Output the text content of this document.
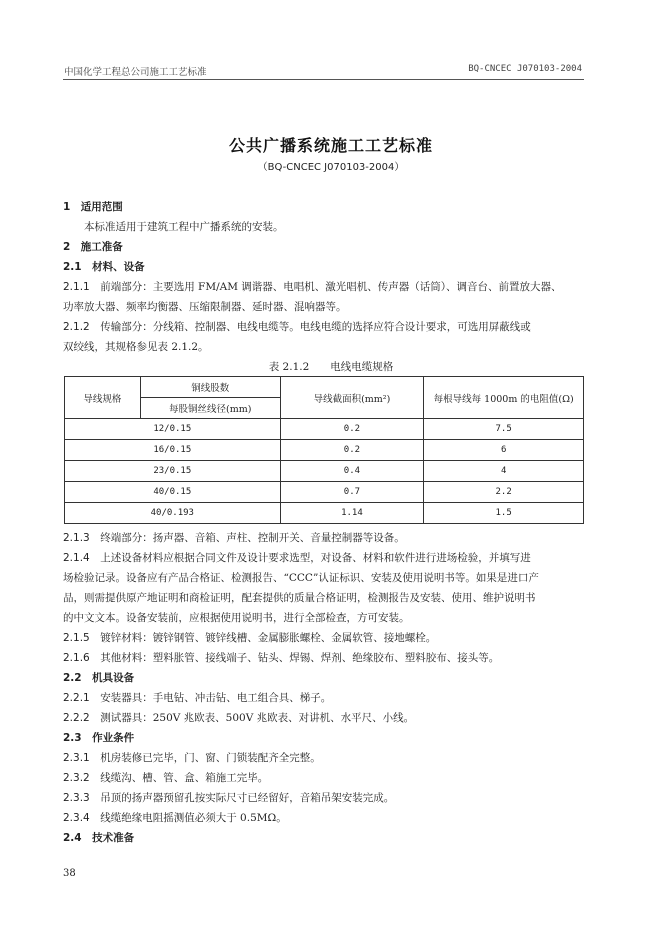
中国化学工程总公司施工工艺标准	BQ-CNCEC J070103-2004
公共广播系统施工工艺标准
（BQ-CNCEC J070103-2004）
1　适用范围
本标准适用于建筑工程中广播系统的安装。
2　施工准备
2.1　材料、设备
2.1.1　 前端部分：主要选用 FM/AM 调谐器、电唱机、激光唱机、传声器（话筒）、调音台、前置放大器、
功率放大器、频率均衡器、压缩限制器、延时器、混响器等。
2.1.2　 传输部分：分线箱、控制器、电线电缆等。电线电缆的选择应符合设计要求，可选用屏蔽线或
双绞线，其规格参见表 2.1.2。
表 2.1.2　　电线电缆规格
导线规格	铜线股数	导线截面积(mm²)	每根导线每 1000m 的电阻值(Ω)
	每股铜丝线径(mm)		
12/0.15		0.2	7.5
16/0.15		0.2	6
23/0.15		0.4	4
40/0.15		0.7	2.2
40/0.193		1.14	1.5
2.1.3　 终端部分：扬声器、音箱、声柱、控制开关、音量控制器等设备。
2.1.4　 上述设备材料应根据合同文件及设计要求选型，对设备、材料和软件进行进场检验，并填写进
场检验记录。设备应有产品合格证、检测报告、“CCC”认证标识、安装及使用说明书等。如果是进口产
品，则需提供原产地证明和商检证明，配套提供的质量合格证明，检测报告及安装、使用、维护说明书
的中文文本。设备安装前，应根据使用说明书，进行全部检查，方可安装。
2.1.5　 镀锌材料：镀锌钢管、镀锌线槽、金属膨胀螺栓、金属软管、接地螺栓。
2.1.6　 其他材料：塑料胀管、接线端子、钻头、焊锡、焊剂、绝缘胶布、塑料胶布、接头等。
2.2　机具设备
2.2.1　 安装器具：手电钻、冲击钻、电工组合具、梯子。
2.2.2　 测试器具：250V 兆欧表、500V 兆欧表、对讲机、水平尺、小线。
2.3　作业条件
2.3.1　 机房装修已完毕，门、窗、门锁装配齐全完整。
2.3.2　 线缆沟、槽、管、盒、箱施工完毕。
2.3.3　 吊顶的扬声器预留孔按实际尺寸已经留好，音箱吊架安装完成。
2.3.4　 线缆绝缘电阻摇测值必须大于 0.5MΩ。
2.4　技术准备
38
